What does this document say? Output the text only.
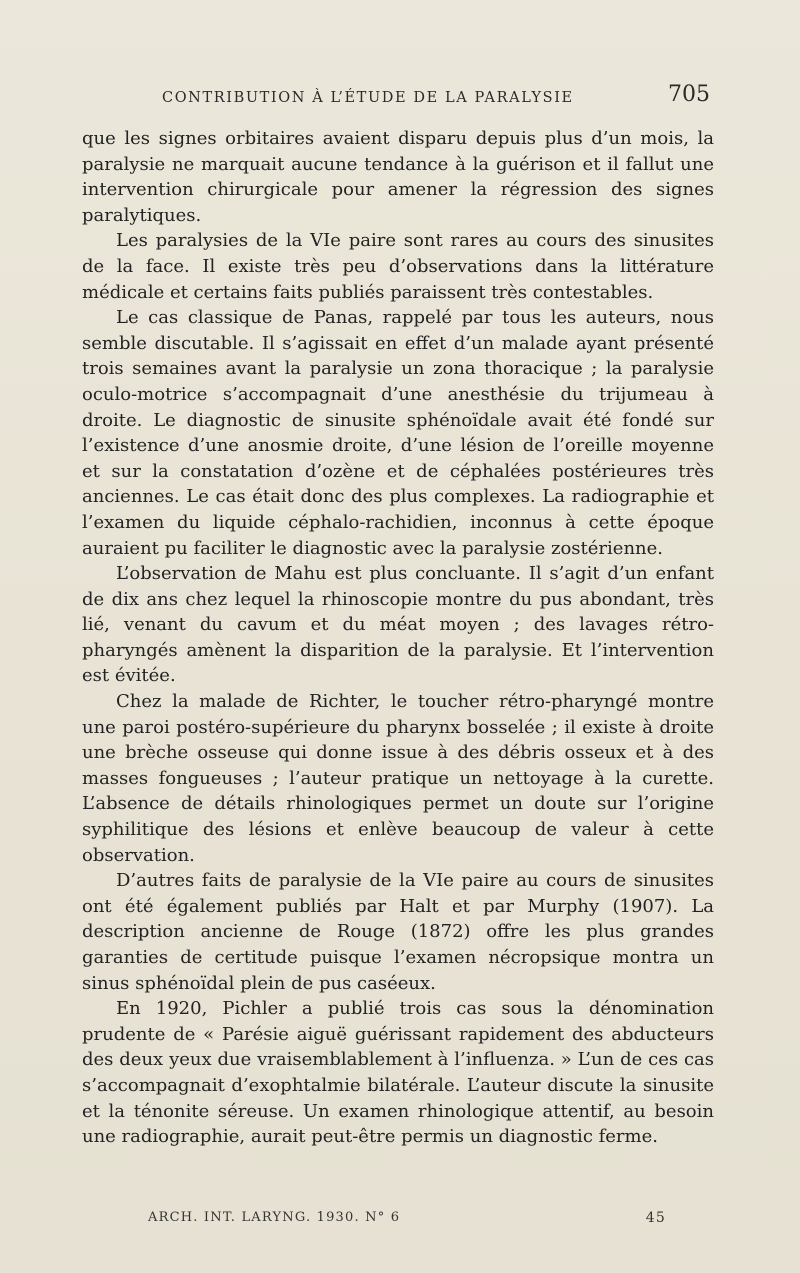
CONTRIBUTION À L’ÉTUDE DE LA PARALYSIE	705

que les signes orbitaires avaient disparu depuis plus d’un mois, la paralysie ne marquait aucune tendance à la guérison et il fallut une intervention chirurgicale pour amener la régression des signes paralytiques.

Les paralysies de la VIe paire sont rares au cours des sinusites de la face. Il existe très peu d’observations dans la littérature médicale et certains faits publiés paraissent très contestables.

Le cas classique de Panas, rappelé par tous les auteurs, nous semble discutable. Il s’agissait en effet d’un malade ayant présenté trois semaines avant la paralysie un zona thoracique ; la paralysie oculo-motrice s’accompagnait d’une anesthésie du trijumeau à droite. Le diagnostic de sinusite sphénoïdale avait été fondé sur l’existence d’une anosmie droite, d’une lésion de l’oreille moyenne et sur la constatation d’ozène et de céphalées postérieures très anciennes. Le cas était donc des plus complexes. La radiographie et l’examen du liquide céphalo-rachidien, inconnus à cette époque auraient pu faciliter le diagnostic avec la paralysie zostérienne.

L’observation de Mahu est plus concluante. Il s’agit d’un enfant de dix ans chez lequel la rhinoscopie montre du pus abondant, très lié, venant du cavum et du méat moyen ; des lavages rétro-pharyngés amènent la disparition de la paralysie. Et l’intervention est évitée.

Chez la malade de Richter, le toucher rétro-pharyngé montre une paroi postéro-supérieure du pharynx bosselée ; il existe à droite une brèche osseuse qui donne issue à des débris osseux et à des masses fongueuses ; l’auteur pratique un nettoyage à la curette. L’absence de détails rhinologiques permet un doute sur l’origine syphilitique des lésions et enlève beaucoup de valeur à cette observation.

D’autres faits de paralysie de la VIe paire au cours de sinusites ont été également publiés par Halt et par Murphy (1907). La description ancienne de Rouge (1872) offre les plus grandes garanties de certitude puisque l’examen nécropsique montra un sinus sphénoïdal plein de pus caséeux.

En 1920, Pichler a publié trois cas sous la dénomination prudente de « Parésie aiguë guérissant rapidement des abducteurs des deux yeux due vraisemblablement à l’influenza. » L’un de ces cas s’accompagnait d’exophtalmie bilatérale. L’auteur discute la sinusite et la ténonite séreuse. Un examen rhinologique attentif, au besoin une radiographie, aurait peut-être permis un diagnostic ferme.

ARCH. INT. LARYNG. 1930. N° 6	45
